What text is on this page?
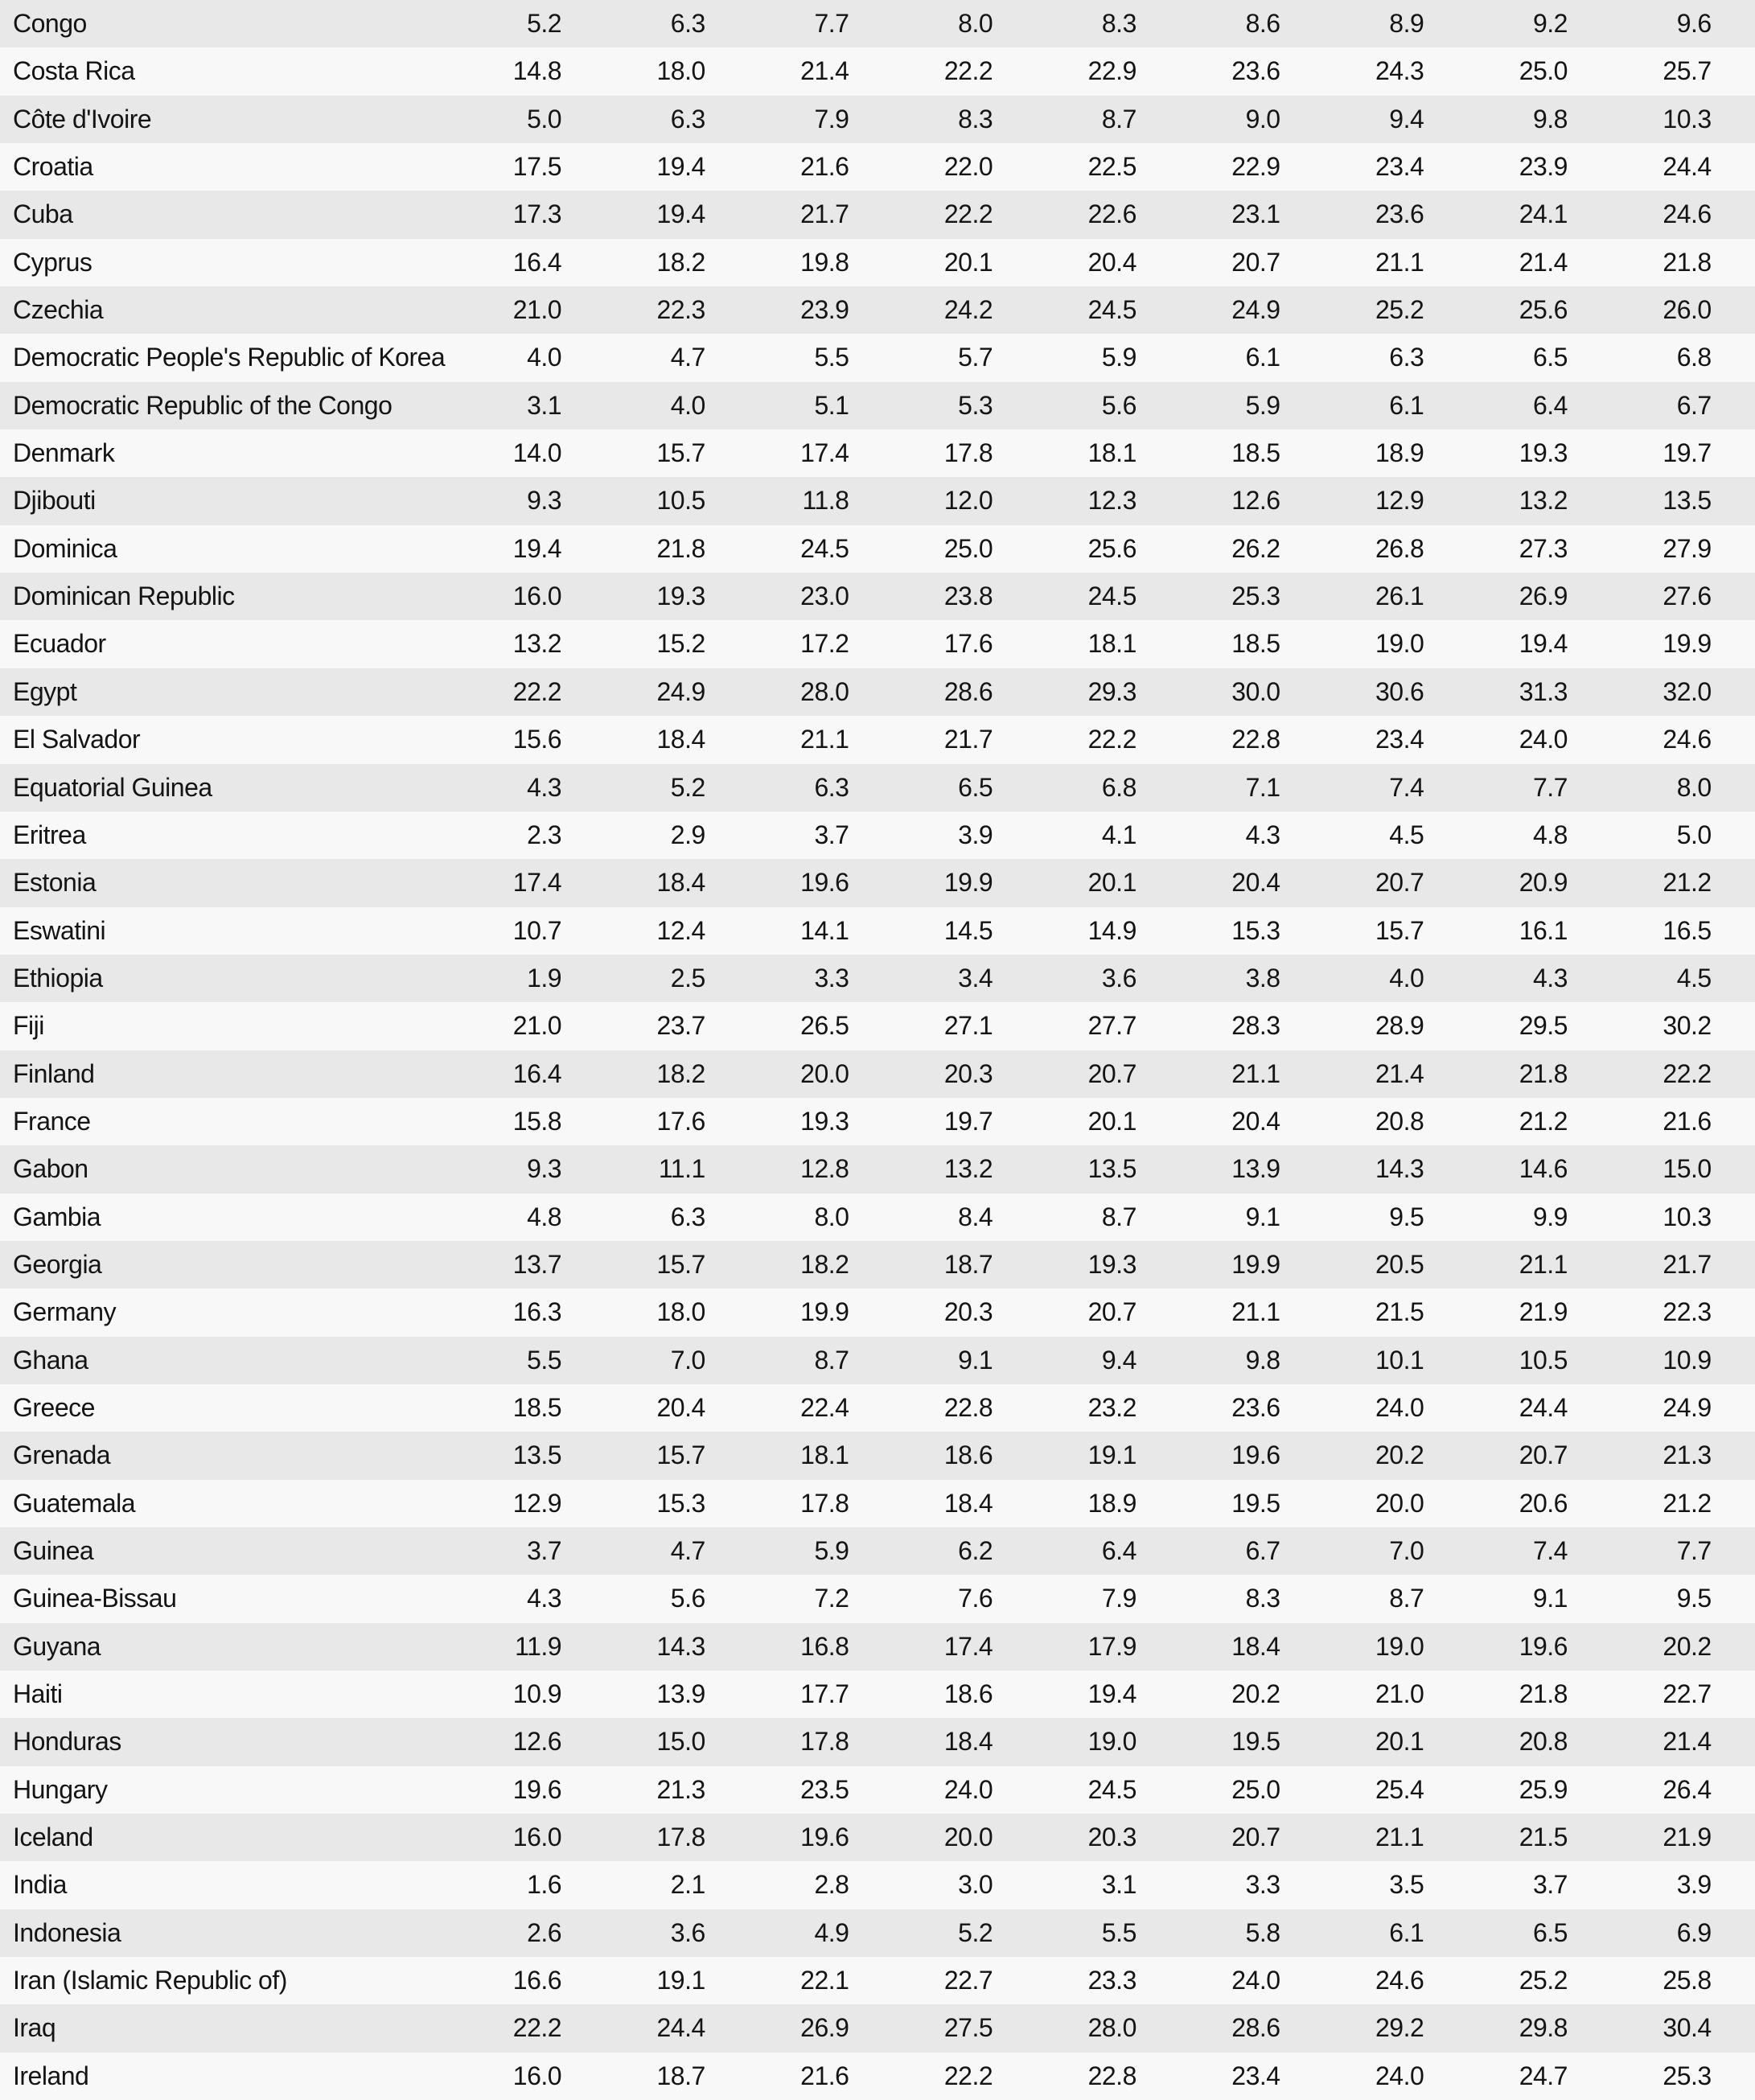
Congo	5.2	6.3	7.7	8.0	8.3	8.6	8.9	9.2	9.6	
Costa Rica	14.8	18.0	21.4	22.2	22.9	23.6	24.3	25.0	25.7	
Côte d'Ivoire	5.0	6.3	7.9	8.3	8.7	9.0	9.4	9.8	10.3	
Croatia	17.5	19.4	21.6	22.0	22.5	22.9	23.4	23.9	24.4	
Cuba	17.3	19.4	21.7	22.2	22.6	23.1	23.6	24.1	24.6	
Cyprus	16.4	18.2	19.8	20.1	20.4	20.7	21.1	21.4	21.8	
Czechia	21.0	22.3	23.9	24.2	24.5	24.9	25.2	25.6	26.0	
Democratic People's Republic of Korea	4.0	4.7	5.5	5.7	5.9	6.1	6.3	6.5	6.8	
Democratic Republic of the Congo	3.1	4.0	5.1	5.3	5.6	5.9	6.1	6.4	6.7	
Denmark	14.0	15.7	17.4	17.8	18.1	18.5	18.9	19.3	19.7	
Djibouti	9.3	10.5	11.8	12.0	12.3	12.6	12.9	13.2	13.5	
Dominica	19.4	21.8	24.5	25.0	25.6	26.2	26.8	27.3	27.9	
Dominican Republic	16.0	19.3	23.0	23.8	24.5	25.3	26.1	26.9	27.6	
Ecuador	13.2	15.2	17.2	17.6	18.1	18.5	19.0	19.4	19.9	
Egypt	22.2	24.9	28.0	28.6	29.3	30.0	30.6	31.3	32.0	
El Salvador	15.6	18.4	21.1	21.7	22.2	22.8	23.4	24.0	24.6	
Equatorial Guinea	4.3	5.2	6.3	6.5	6.8	7.1	7.4	7.7	8.0	
Eritrea	2.3	2.9	3.7	3.9	4.1	4.3	4.5	4.8	5.0	
Estonia	17.4	18.4	19.6	19.9	20.1	20.4	20.7	20.9	21.2	
Eswatini	10.7	12.4	14.1	14.5	14.9	15.3	15.7	16.1	16.5	
Ethiopia	1.9	2.5	3.3	3.4	3.6	3.8	4.0	4.3	4.5	
Fiji	21.0	23.7	26.5	27.1	27.7	28.3	28.9	29.5	30.2	
Finland	16.4	18.2	20.0	20.3	20.7	21.1	21.4	21.8	22.2	
France	15.8	17.6	19.3	19.7	20.1	20.4	20.8	21.2	21.6	
Gabon	9.3	11.1	12.8	13.2	13.5	13.9	14.3	14.6	15.0	
Gambia	4.8	6.3	8.0	8.4	8.7	9.1	9.5	9.9	10.3	
Georgia	13.7	15.7	18.2	18.7	19.3	19.9	20.5	21.1	21.7	
Germany	16.3	18.0	19.9	20.3	20.7	21.1	21.5	21.9	22.3	
Ghana	5.5	7.0	8.7	9.1	9.4	9.8	10.1	10.5	10.9	
Greece	18.5	20.4	22.4	22.8	23.2	23.6	24.0	24.4	24.9	
Grenada	13.5	15.7	18.1	18.6	19.1	19.6	20.2	20.7	21.3	
Guatemala	12.9	15.3	17.8	18.4	18.9	19.5	20.0	20.6	21.2	
Guinea	3.7	4.7	5.9	6.2	6.4	6.7	7.0	7.4	7.7	
Guinea-Bissau	4.3	5.6	7.2	7.6	7.9	8.3	8.7	9.1	9.5	
Guyana	11.9	14.3	16.8	17.4	17.9	18.4	19.0	19.6	20.2	
Haiti	10.9	13.9	17.7	18.6	19.4	20.2	21.0	21.8	22.7	
Honduras	12.6	15.0	17.8	18.4	19.0	19.5	20.1	20.8	21.4	
Hungary	19.6	21.3	23.5	24.0	24.5	25.0	25.4	25.9	26.4	
Iceland	16.0	17.8	19.6	20.0	20.3	20.7	21.1	21.5	21.9	
India	1.6	2.1	2.8	3.0	3.1	3.3	3.5	3.7	3.9	
Indonesia	2.6	3.6	4.9	5.2	5.5	5.8	6.1	6.5	6.9	
Iran (Islamic Republic of)	16.6	19.1	22.1	22.7	23.3	24.0	24.6	25.2	25.8	
Iraq	22.2	24.4	26.9	27.5	28.0	28.6	29.2	29.8	30.4	
Ireland	16.0	18.7	21.6	22.2	22.8	23.4	24.0	24.7	25.3	
